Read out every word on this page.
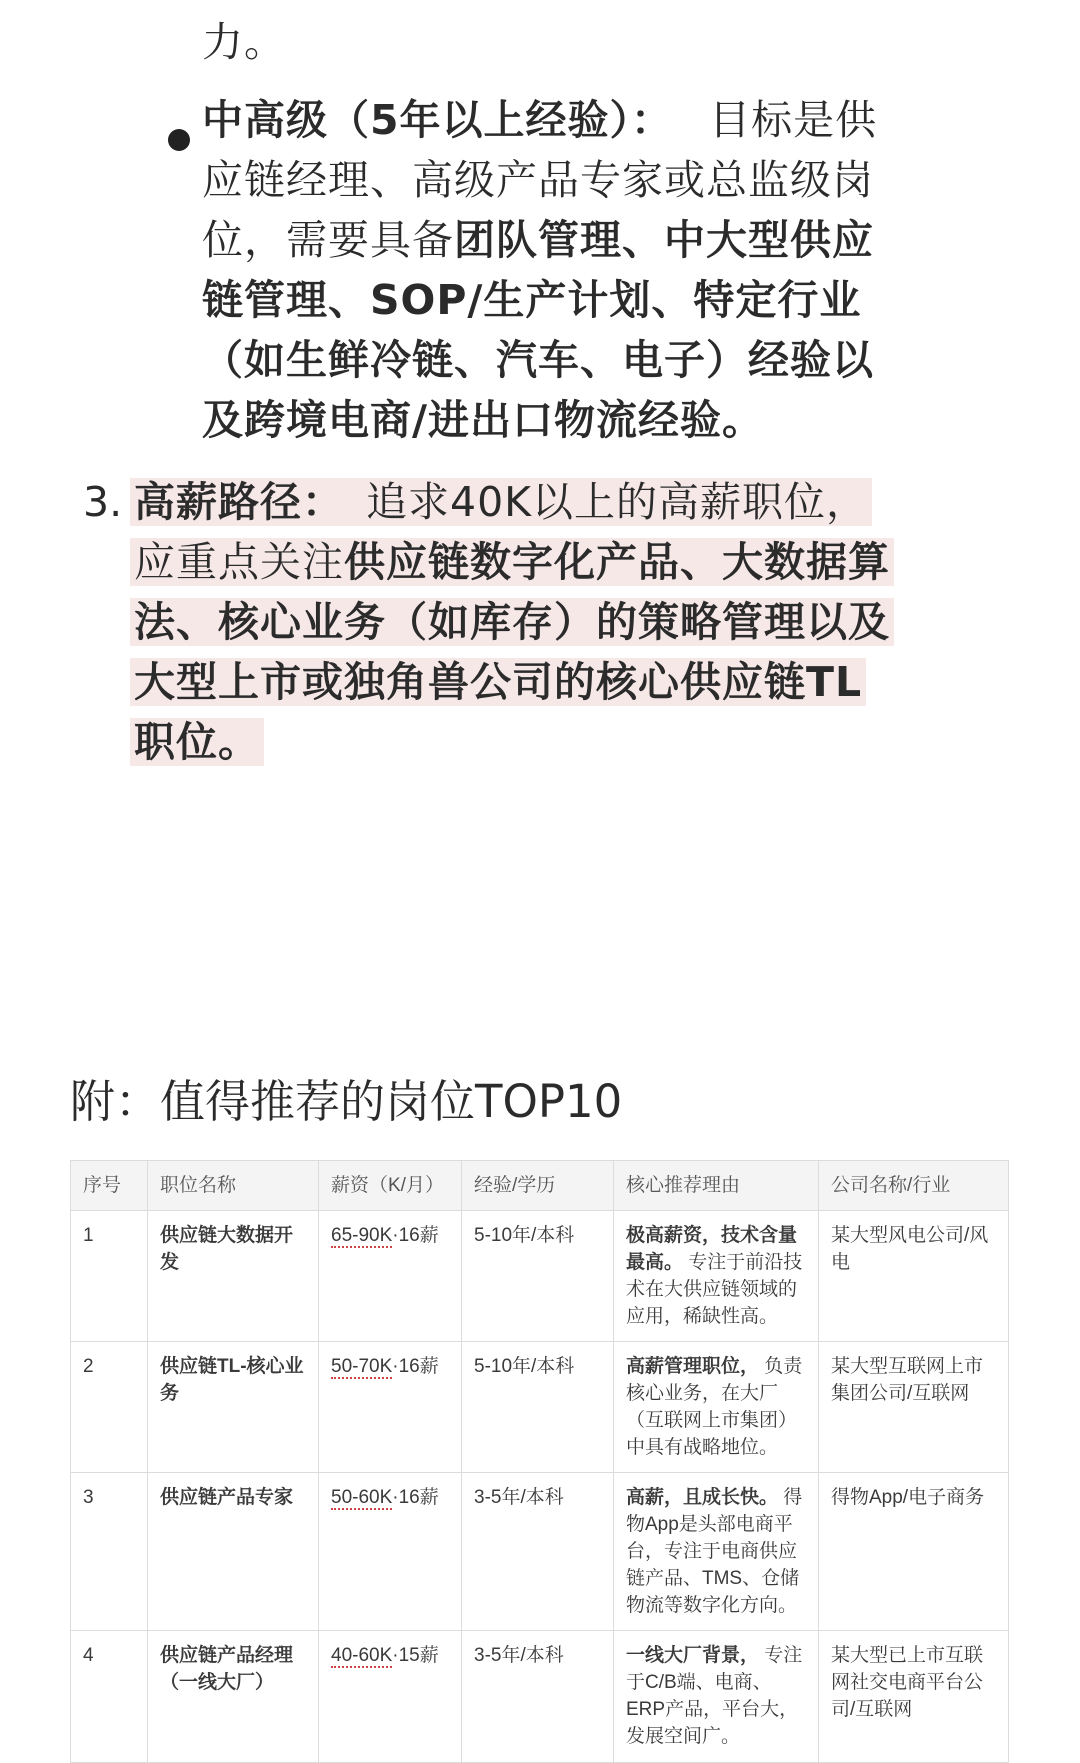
力。
中高级（5年以上经验）： 目标是供
应链经理、高级产品专家或总监级岗
位，需要具备团队管理、中大型供应
链管理、SOP/生产计划、特定行业
（如生鲜冷链、汽车、电子）经验以
及跨境电商/进出口物流经验。
3. 高薪路径： 追求40K以上的高薪职位，
应重点关注供应链数字化产品、大数据算
法、核心业务（如库存）的策略管理以及
大型上市或独角兽公司的核心供应链TL
职位。
附：值得推荐的岗位TOP10
序号	职位名称	薪资（K/月）	经验/学历	核心推荐理由	公司名称/行业
1	供应链大数据开发	65-90K·16薪	5-10年/本科	极高薪资，技术含量最高。 专注于前沿技术在大供应链领域的应用，稀缺性高。	某大型风电公司/风电
2	供应链TL-核心业务	50-70K·16薪	5-10年/本科	高薪管理职位， 负责核心业务，在大厂（互联网上市集团）中具有战略地位。	某大型互联网上市集团公司/互联网
3	供应链产品专家	50-60K·16薪	3-5年/本科	高薪，且成长快。 得物App是头部电商平台，专注于电商供应链产品、TMS、仓储物流等数字化方向。	得物App/电子商务
4	供应链产品经理（一线大厂）	40-60K·15薪	3-5年/本科	一线大厂背景， 专注于C/B端、电商、ERP产品，平台大，发展空间广。	某大型已上市互联网社交电商平台公司/互联网
